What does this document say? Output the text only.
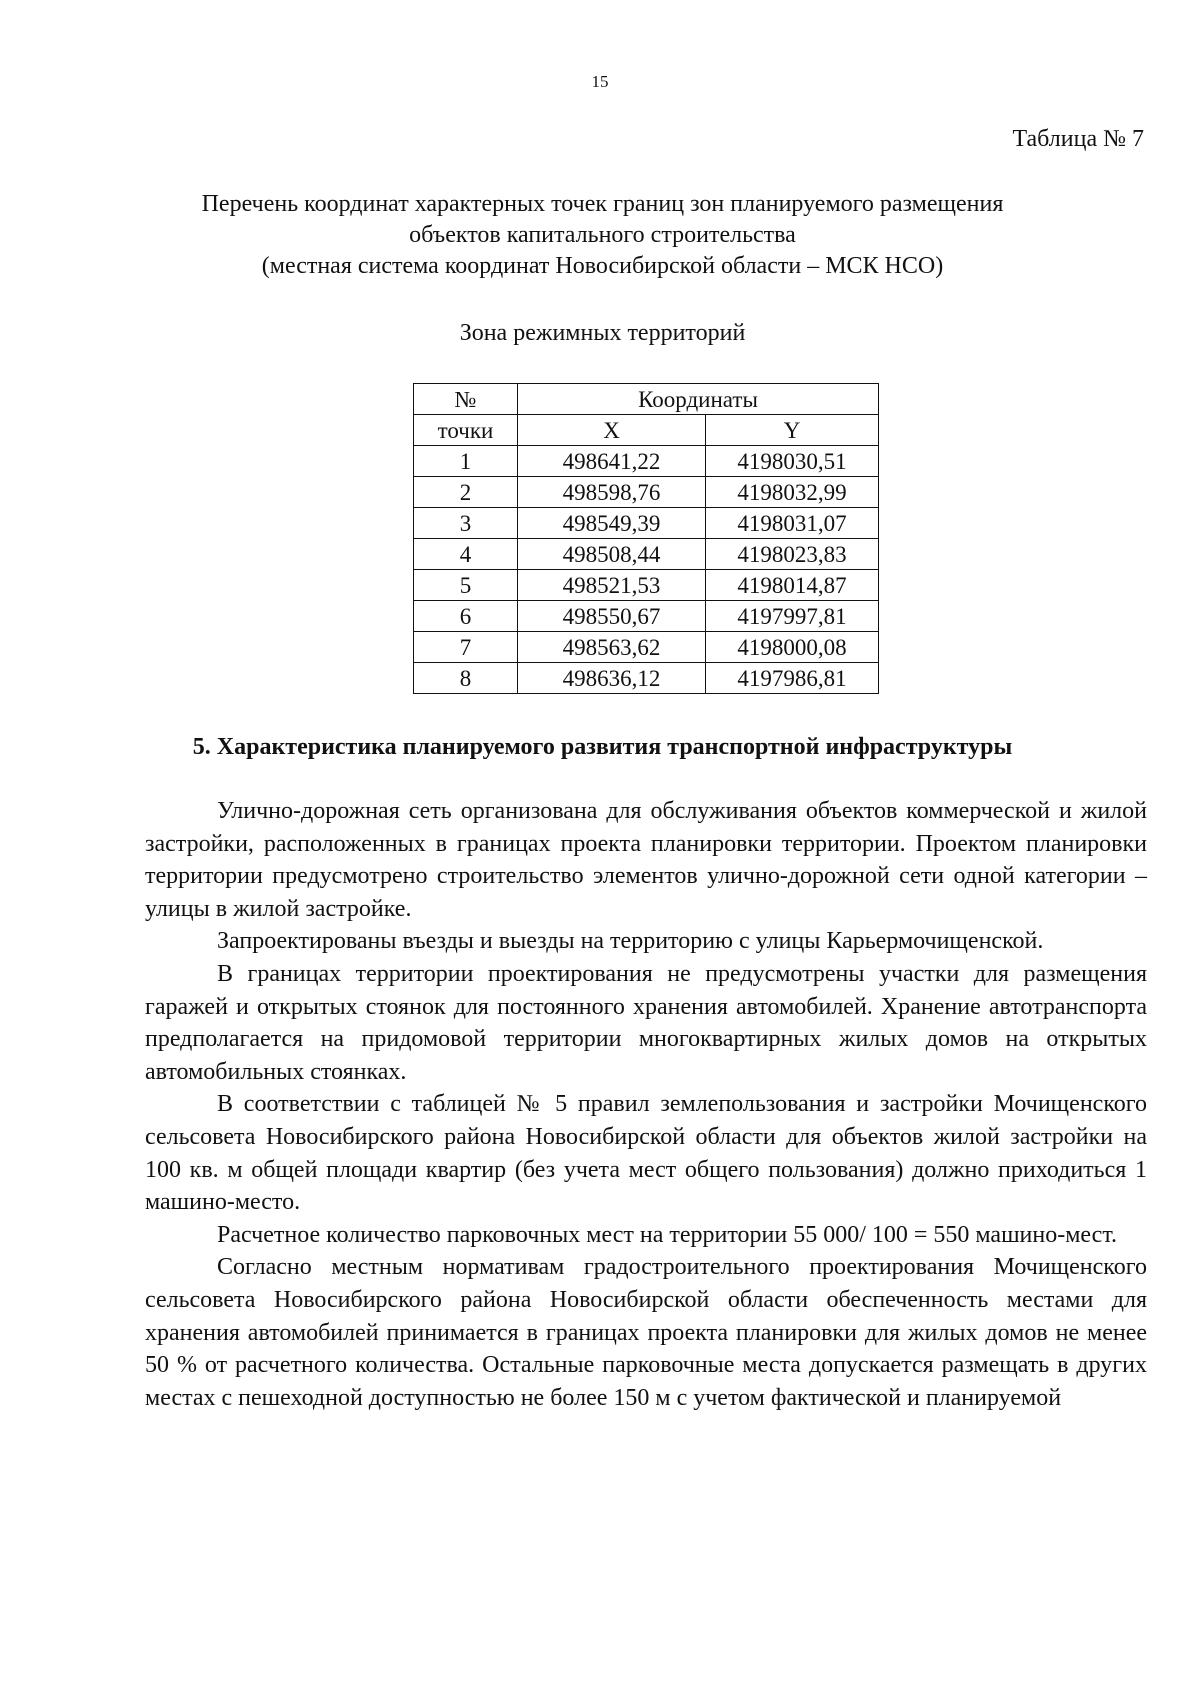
15
Таблица № 7
Перечень координат характерных точек границ зон планируемого размещения
объектов капитального строительства
(местная система координат Новосибирской области – МСК НСО)
Зона режимных территорий
№	Координаты	
точки	X	Y
1	498641,22	4198030,51
2	498598,76	4198032,99
3	498549,39	4198031,07
4	498508,44	4198023,83
5	498521,53	4198014,87
6	498550,67	4197997,81
7	498563,62	4198000,08
8	498636,12	4197986,81
5. Характеристика планируемого развития транспортной инфраструктуры

Улично-дорожная сеть организована для обслуживания объектов коммерческой и жилой застройки, расположенных в границах проекта планировки территории. Проектом планировки территории предусмотрено строительство элементов улично-дорожной сети одной категории – улицы в жилой застройке.

Запроектированы въезды и выезды на территорию с улицы Карьермочищенской.

В границах территории проектирования не предусмотрены участки для размещения гаражей и открытых стоянок для постоянного хранения автомобилей. Хранение автотранспорта предполагается на придомовой территории многоквартирных жилых домов на открытых автомобильных стоянках.

В соответствии с таблицей № 5 правил землепользования и застройки Мочищенского сельсовета Новосибирского района Новосибирской области для объектов жилой застройки на 100 кв. м общей площади квартир (без учета мест общего пользования) должно приходиться 1 машино-место.

Расчетное количество парковочных мест на территории 55 000/ 100 = 550 машино-мест.

Согласно местным нормативам градостроительного проектирования Мочищенского сельсовета Новосибирского района Новосибирской области обеспеченность местами для хранения автомобилей принимается в границах проекта планировки для жилых домов не менее 50 % от расчетного количества. Остальные парковочные места допускается размещать в других местах с пешеходной доступностью не более 150 м с учетом фактической и планируемой
